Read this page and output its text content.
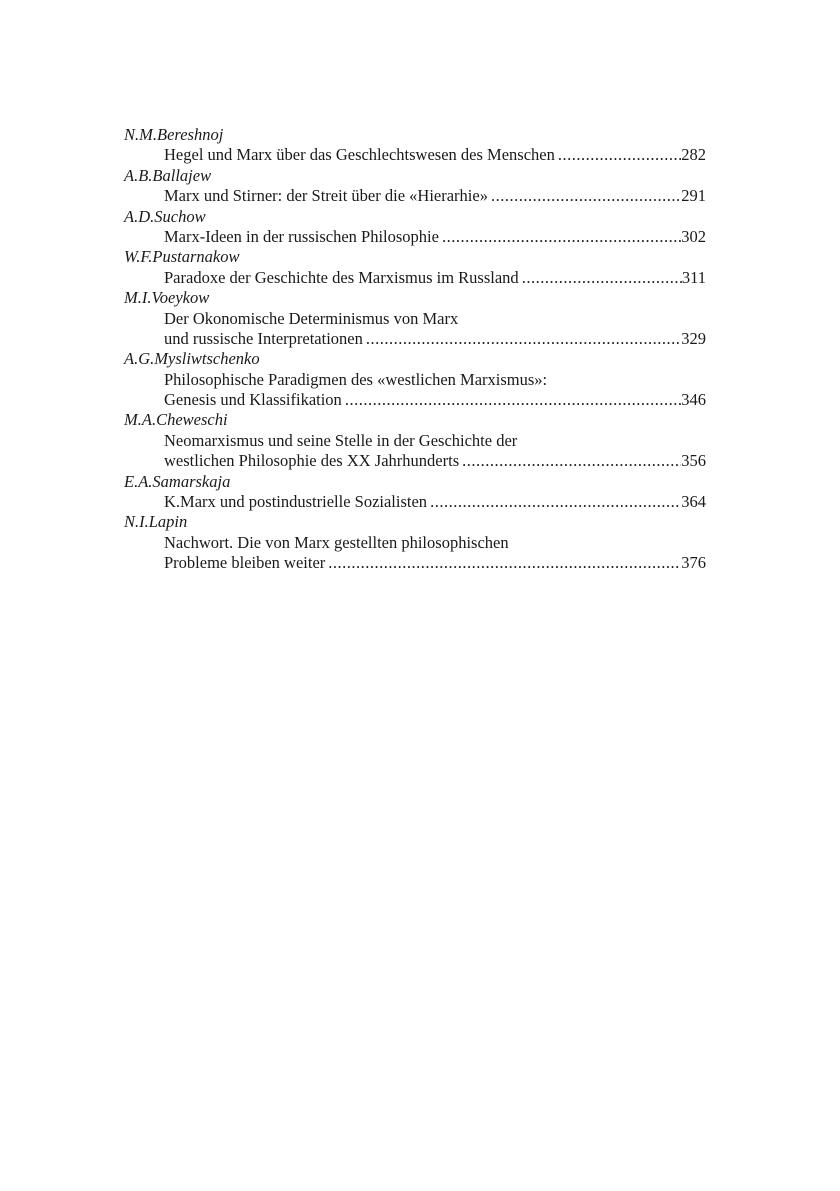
N.M.Bereshnoj
Hegel und Marx über das Geschlechtswesen des Menschen .....	282
A.B.Ballajew
Marx und Stirner: der Streit über die «Hierarhie» .....	291
A.D.Suchow
Marx-Ideen in der russischen Philosophie .....	302
W.F.Pustarnakow
Paradoxe der Geschichte des Marxismus im Russland .....	311
M.I.Voeykow
Der Okonomische Determinismus von Marx
und russische Interpretationen .....	329
A.G.Mysliwtschenko
Philosophische Paradigmen des «westlichen Marxismus»:
Genesis und Klassifikation .....	346
M.A.Cheweschi
Neomarxismus und seine Stelle in der Geschichte der
westlichen Philosophie des XX Jahrhunderts .....	356
E.A.Samarskaja
K.Marx und postindustrielle Sozialisten .....	364
N.I.Lapin
Nachwort. Die von Marx gestellten philosophischen
Probleme bleiben weiter .....	376
